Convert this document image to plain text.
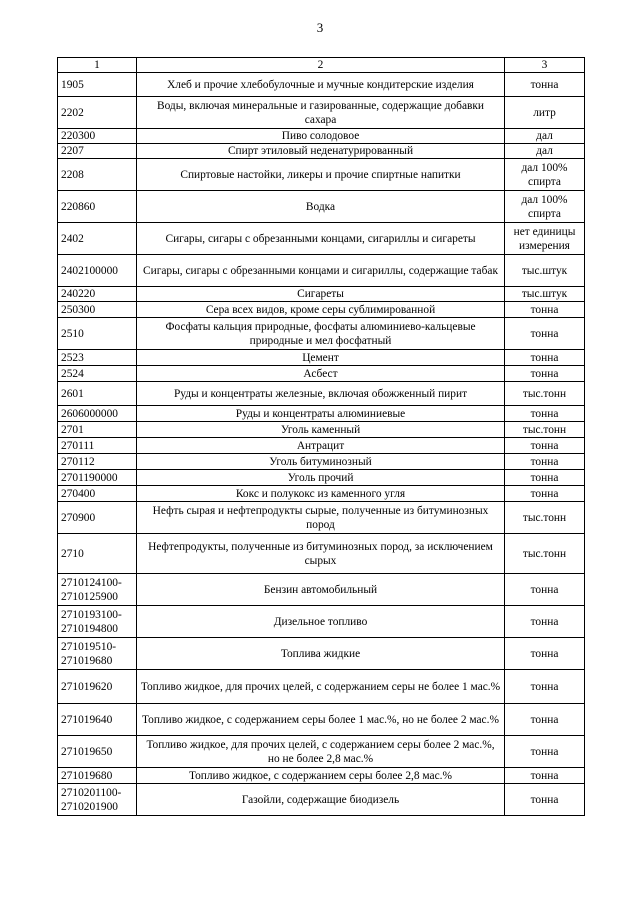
3
1	2	3
1905	Хлеб и прочие хлебобулочные и мучные кондитерские изделия	тонна
2202	Воды, включая минеральные и газированные, содержащие добавки сахара	литр
220300	Пиво солодовое	дал
2207	Спирт этиловый неденатурированный	дал
2208	Спиртовые настойки, ликеры и прочие спиртные напитки	дал 100% спирта
220860	Водка	дал 100% спирта
2402	Сигары, сигары с обрезанными концами, сигариллы и сигареты	нет единицы измерения
2402100000	Сигары, сигары с обрезанными концами и сигариллы, содержащие табак	тыс.штук
240220	Сигареты	тыс.штук
250300	Сера всех видов, кроме серы сублимированной	тонна
2510	Фосфаты кальция природные, фосфаты алюминиево-кальцевые природные и мел фосфатный	тонна
2523	Цемент	тонна
2524	Асбест	тонна
2601	Руды и концентраты железные, включая обожженный пирит	тыс.тонн
2606000000	Руды и концентраты алюминиевые	тонна
2701	Уголь каменный	тыс.тонн
270111	Антрацит	тонна
270112	Уголь битуминозный	тонна
2701190000	Уголь прочий	тонна
270400	Кокс и полукокс из каменного угля	тонна
270900	Нефть сырая и нефтепродукты сырые, полученные из битуминозных пород	тыс.тонн
2710	Нефтепродукты, полученные из битуминозных пород, за исключением сырых	тыс.тонн
2710124100-
2710125900	Бензин автомобильный	тонна
2710193100-
2710194800	Дизельное топливо	тонна
271019510-
271019680	Топлива жидкие	тонна
271019620	Топливо жидкое, для прочих целей, с содержанием серы не более 1 мас.%	тонна
271019640	Топливо жидкое, с содержанием серы более 1 мас.%, но не более 2 мас.%	тонна
271019650	Топливо жидкое, для прочих целей, с содержанием серы более 2 мас.%, но не более 2,8 мас.%	тонна
271019680	Топливо жидкое, с содержанием серы более 2,8 мас.%	тонна
2710201100-
2710201900	Газойли, содержащие биодизель	тонна
